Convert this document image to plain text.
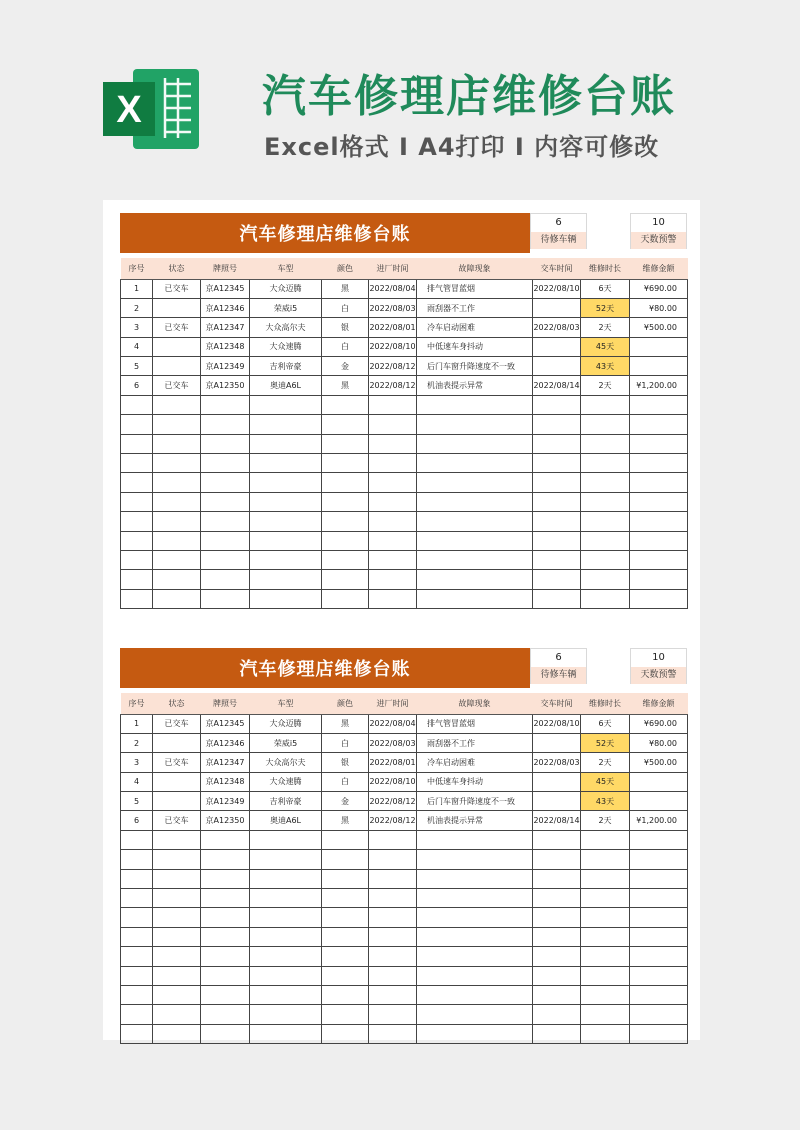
X	汽车修理店维修台账
Excel格式 I A4打印 I 内容可修改
汽车修理店维修台账
6
待修车辆
10
天数预警
序号	状态	牌照号	车型	颜色	进厂时间	故障现象	交车时间	维修时长	维修金额
1	已交车	京A12345	大众迈腾	黑	2022/08/04	排气管冒蓝烟	2022/08/10	6天	¥690.00
2		京A12346	荣威i5	白	2022/08/03	雨刮器不工作		52天	¥80.00
3	已交车	京A12347	大众高尔夫	银	2022/08/01	冷车启动困难	2022/08/03	2天	¥500.00
4		京A12348	大众速腾	白	2022/08/10	中低速车身抖动		45天	
5		京A12349	吉利帝豪	金	2022/08/12	后门车窗升降速度不一致		43天	
6	已交车	京A12350	奥迪A6L	黑	2022/08/12	机油表提示异常	2022/08/14	2天	¥1,200.00

汽车修理店维修台账
6
待修车辆
10
天数预警
序号	状态	牌照号	车型	颜色	进厂时间	故障现象	交车时间	维修时长	维修金额
1	已交车	京A12345	大众迈腾	黑	2022/08/04	排气管冒蓝烟	2022/08/10	6天	¥690.00
2		京A12346	荣威i5	白	2022/08/03	雨刮器不工作		52天	¥80.00
3	已交车	京A12347	大众高尔夫	银	2022/08/01	冷车启动困难	2022/08/03	2天	¥500.00
4		京A12348	大众速腾	白	2022/08/10	中低速车身抖动		45天	
5		京A12349	吉利帝豪	金	2022/08/12	后门车窗升降速度不一致		43天	
6	已交车	京A12350	奥迪A6L	黑	2022/08/12	机油表提示异常	2022/08/14	2天	¥1,200.00
